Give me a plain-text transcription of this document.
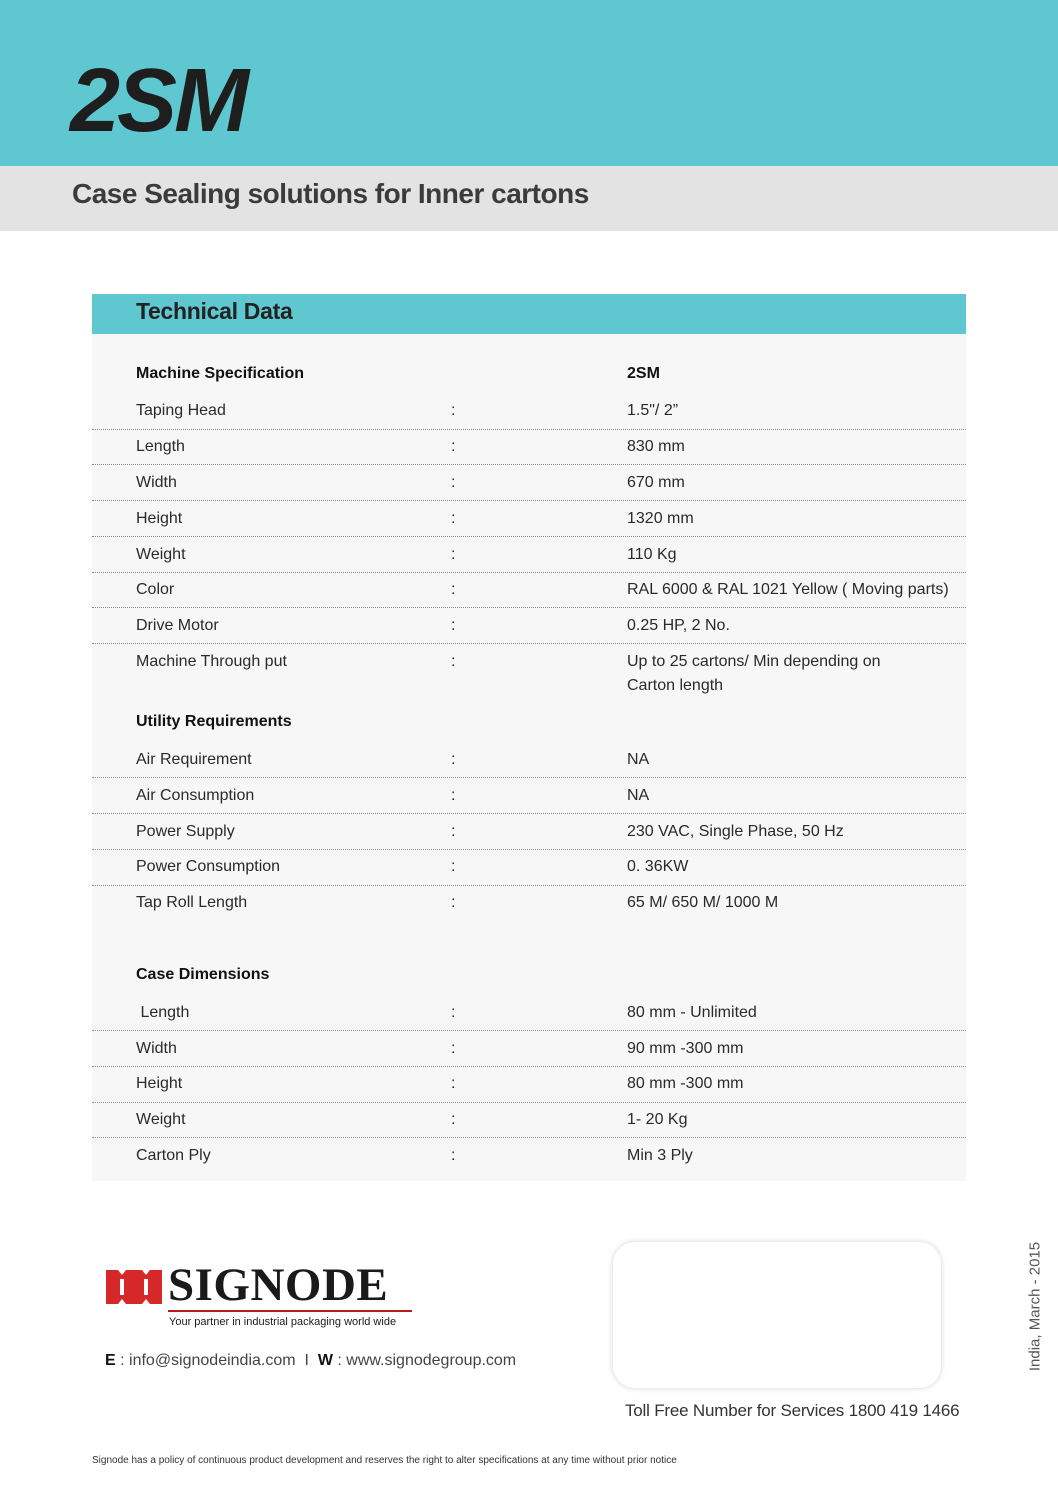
2SM
Case Sealing solutions for Inner cartons
Technical Data
Machine Specification	2SM
Taping Head	:	1.5"/ 2”
Length	:	830 mm
Width	:	670 mm
Height	:	1320 mm
Weight	:	110 Kg
Color	:	RAL 6000 & RAL 1021 Yellow ( Moving parts)
Drive Motor	:	0.25 HP, 2 No.
Machine Through put	:	Up to 25 cartons/ Min depending on
Carton length
Utility Requirements
Air Requirement	:	NA
Air Consumption	:	NA
Power Supply	:	230 VAC, Single Phase, 50 Hz
Power Consumption	:	0. 36KW
Tap Roll Length	:	65 M/ 650 M/ 1000 M
Case Dimensions
Length	:	80 mm - Unlimited
Width	:	90 mm -300 mm
Height	:	80 mm -300 mm
Weight	:	1- 20 Kg
Carton Ply	:	Min 3 Ply
SIGNODE
Your partner in industrial packaging world wide
E : info@signodeindia.com I W : www.signodegroup.com
Toll Free Number for Services 1800 419 1466
India, March - 2015
Signode has a policy of continuous product development and reserves the right to alter specifications at any time without prior notice
